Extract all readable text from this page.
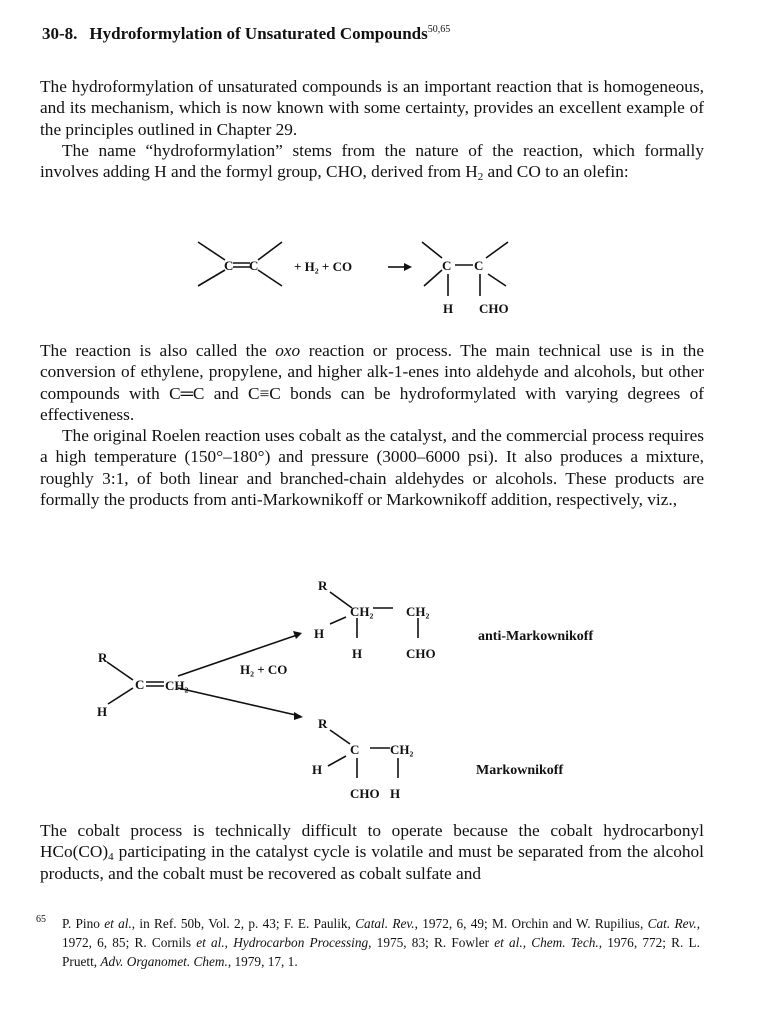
30-8. Hydroformylation of Unsaturated Compounds$^{50,65}$

The hydroformylation of unsaturated compounds is an important reaction that is homogeneous, and its mechanism, which is now known with some certainty, provides an excellent example of the principles outlined in Chapter 29.

The name “hydroformylation” stems from the nature of the reaction, which formally involves adding H and the formyl group, CHO, derived from $H_2$ and CO to an olefin:

C C	+ H₂ + CO	C C
H CHO

The reaction is also called the oxo reaction or process. The main technical use is in the conversion of ethylene, propylene, and higher alk-1-enes into aldehyde and alcohols, but other compounds with C═C and C≡C bonds can be hydroformylated with varying degrees of effectiveness.

The original Roelen reaction uses cobalt as the catalyst, and the commercial process requires a high temperature (150°–180°) and pressure (3000–6000 psi). It also produces a mixture, roughly 3:1, of both linear and branched-chain aldehydes or alcohols. These products are formally the products from anti-Markownikoff or Markownikoff addition, respectively, viz.,

R
H
C CH₂
H₂ + CO
R
CH₂	CH₂
H
H	CHO
anti-Markownikoff
R
C CH₂
H
CHO H
Markownikoff

The cobalt process is technically difficult to operate because the cobalt hydrocarbonyl $HCo(CO)_4$ participating in the catalyst cycle is volatile and must be separated from the alcohol products, and the cobalt must be recovered as cobalt sulfate and

65 P. Pino et al., in Ref. 50b, Vol. 2, p. 43; F. E. Paulik, Catal. Rev., 1972, 6, 49; M. Orchin and W. Rupilius, Cat. Rev., 1972, 6, 85; R. Cornils et al., Hydrocarbon Processing, 1975, 83; R. Fowler et al., Chem. Tech., 1976, 772; R. L. Pruett, Adv. Organomet. Chem., 1979, 17, 1.
